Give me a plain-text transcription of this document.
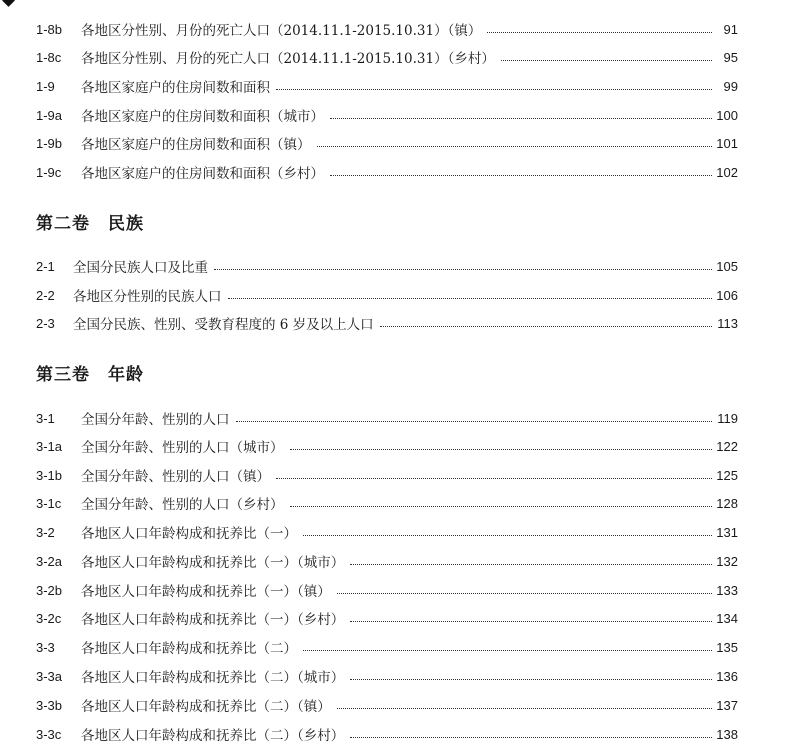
1-8b	各地区分性别、月份的死亡人口（2014.11.1-2015.10.31）（镇）	91
1-8c	各地区分性别、月份的死亡人口（2014.11.1-2015.10.31）（乡村）	95
1-9	各地区家庭户的住房间数和面积	99
1-9a	各地区家庭户的住房间数和面积（城市）	100
1-9b	各地区家庭户的住房间数和面积（镇）	101
1-9c	各地区家庭户的住房间数和面积（乡村）	102
第二卷　民族
2-1	全国分民族人口及比重	105
2-2	各地区分性别的民族人口	106
2-3	全国分民族、性别、受教育程度的 6 岁及以上人口	113
第三卷　年龄
3-1	全国分年龄、性别的人口	119
3-1a	全国分年龄、性别的人口（城市）	122
3-1b	全国分年龄、性别的人口（镇）	125
3-1c	全国分年龄、性别的人口（乡村）	128
3-2	各地区人口年龄构成和抚养比（一）	131
3-2a	各地区人口年龄构成和抚养比（一）（城市）	132
3-2b	各地区人口年龄构成和抚养比（一）（镇）	133
3-2c	各地区人口年龄构成和抚养比（一）（乡村）	134
3-3	各地区人口年龄构成和抚养比（二）	135
3-3a	各地区人口年龄构成和抚养比（二）（城市）	136
3-3b	各地区人口年龄构成和抚养比（二）（镇）	137
3-3c	各地区人口年龄构成和抚养比（二）（乡村）	138
